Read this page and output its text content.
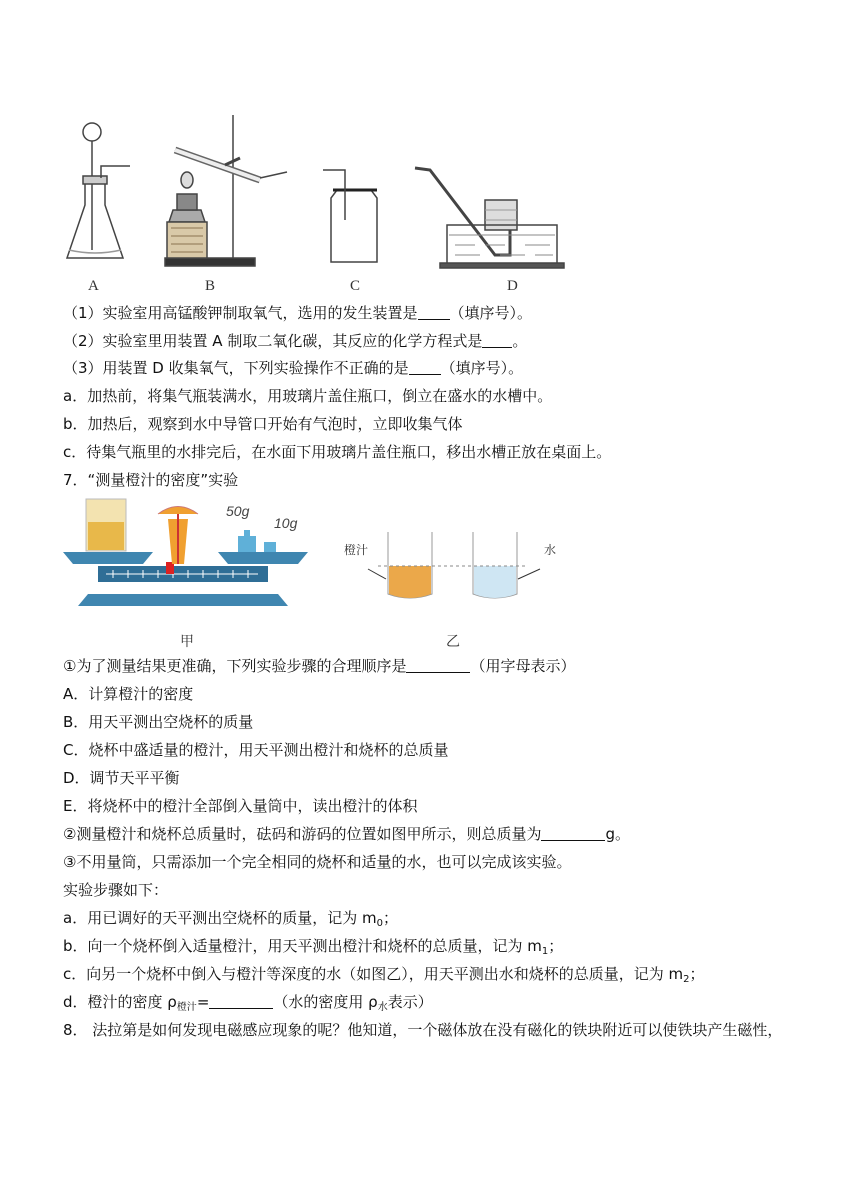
A	B	C	D
（1）实验室用高锰酸钾制取氧气，选用的发生装置是 （填序号）。
（2）实验室里用装置 A 制取二氧化碳，其反应的化学方程式是 。
（3）用装置 D 收集氧气，下列实验操作不正确的是 （填序号）。
a．加热前，将集气瓶装满水，用玻璃片盖住瓶口，倒立在盛水的水槽中。
b．加热后，观察到水中导管口开始有气泡时，立即收集气体
c．待集气瓶里的水排完后，在水面下用玻璃片盖住瓶口，移出水槽正放在桌面上。
7．“测量橙汁的密度”实验
50g
10g
橙汁	水
甲	乙
①为了测量结果更准确，下列实验步骤的合理顺序是	（用字母表示）
A．计算橙汁的密度
B．用天平测出空烧杯的质量
C．烧杯中盛适量的橙汁，用天平测出橙汁和烧杯的总质量
D．调节天平平衡
E．将烧杯中的橙汁全部倒入量筒中，读出橙汁的体积
②测量橙汁和烧杯总质量时，砝码和游码的位置如图甲所示，则总质量为	g。
③不用量筒，只需添加一个完全相同的烧杯和适量的水，也可以完成该实验。
实验步骤如下：
a．用已调好的天平测出空烧杯的质量，记为 $m_0$；
b．向一个烧杯倒入适量橙汁，用天平测出橙汁和烧杯的总质量，记为 $m_1$；
c．向另一个烧杯中倒入与橙汁等深度的水（如图乙），用天平测出水和烧杯的总质量，记为 $m_2$；
d．橙汁的密度 $\rho_{橙汁}=$	（水的密度用 $\rho_水$表示）
8． 法拉第是如何发现电磁感应现象的呢？他知道，一个磁体放在没有磁化的铁块附近可以使铁块产生磁性，
